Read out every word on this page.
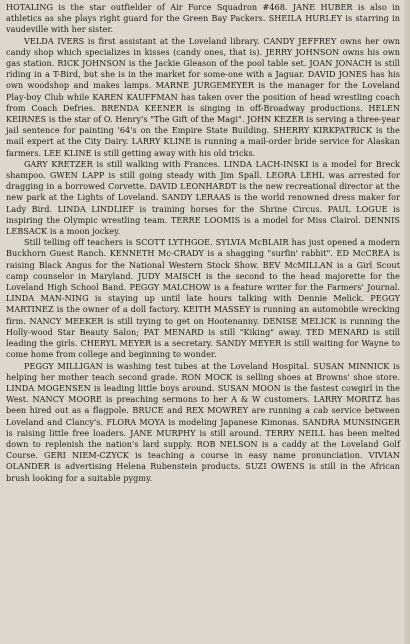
HOTALING is the star outfielder of Air Force Squadron #468. JANE HUBER is also in athletics as she plays right guard for the Green Bay Packers. SHEILA HURLEY is starring in vaudeville with her sister.

VELDA IVERS is first assistant at the Loveland library. CANDY JEFFREY owns her own candy shop which specializes in kisses (candy ones, that is). JERRY JOHNSON owns his own gas station. RICK JOHNSON is the Jackie Gleason of the pool table set. JOAN JONACH is still riding in a T-Bird, but she is in the market for some-one with a Jaguar. DAVID JONES has his own woodshop and makes lamps. MARNE JURGEMEYER is the manager for the Loveland Play-boy Club while KAREN KAUFFMAN has taken over the position of head wrestling coach from Coach Defries. BRENDA KEENER is singing in off-Broadway productions. HELEN KEIRNES is the star of O. Henry's "The Gift of the Magi". JOHN KEZER is serving a three-year jail sentence for painting '64's on the Empire State Building. SHERRY KIRKPATRICK is the mail expert at the City Dairy. LARRY KLINE is running a mail-order bride service for Alaskan farmers. LEE KLINE is still getting away with his old tricks.

GARY KRETZER is still walking with Frances. LINDA LACH-INSKI is a model for Breck shampoo. GWEN LAPP is still going steady with Jim Spall. LEORA LEHL was arrested for dragging in a borrowed Corvette. DAVID LEONHARDT is the new recreational director at the new park at the Lights of Loveland. SANDY LERAAS is the world renowned dress maker for Lady Bird. LINDA LINDLIEF is training horses for the Shrine Circus. PAUL LOGUE is inspiring the Olympic wrestling team. TERRE LOOMIS is a model for Miss Clairol. DENNIS LEBSACK is a moon jockey.

Still telling off teachers is SCOTT LYTHGOE. SYLVIA McBLAIR has just opened a modern Buckhorn Guest Ranch. KENNETH Mc-CRADY is a shagging "surfin' rabbit". ED McCREA is raising Black Angus for the National Western Stock Show. BEV McMILLAN is a Girl Scout camp counselor in Maryland. JUDY MAISCH is the second to the head majorette for the Loveland High School Band. PEGGY MALCHOW is a feature writer for the Farmers' Journal. LINDA MAN-NING is staying up until late hours talking with Dennie Melick. PEGGY MARTINEZ is the owner of a doll factory. KEITH MASSEY is running an automobile wrecking firm. NANCY MEEKER is still trying to get on Hootenanny. DENISE MELICK is running the Holly-wood Star Beauty Salon; PAT MENARD is still "Kiking" away. TED MENARD is still leading the girls. CHERYL MEYER is a secretary. SANDY MEYER is still waiting for Wayne to come home from college and beginning to wonder.

PEGGY MILLIGAN is washing test tubes at the Loveland Hospital. SUSAN MINNICK is helping her mother teach second grade. RON MOCK is selling shoes at Browns' shoe store. LINDA MOGENSEN is leading little boys around. SUSAN MOON is the fastest cowgirl in the West. NANCY MOORE is preaching sermons to her A & W customers. LARRY MORITZ has been hired out as a flagpole. BRUCE and REX MOWREY are running a cab service between Loveland and Clancy's. FLORA MOYA is modeling Japanese Kimonas. SANDRA MUNSINGER is raising little free loaders. JANE MURPHY is still around. TERRY NEILL has been melted down to replenish the nation's lard supply. ROB NELSON is a caddy at the Loveland Golf Course. GERI NIEM-CZYCK is teaching a course in easy name pronunciation. VIVIAN OLANDER is advertising Helena Rubenstein products. SUZI OWENS is still in the African brush looking for a suitable pygmy.
